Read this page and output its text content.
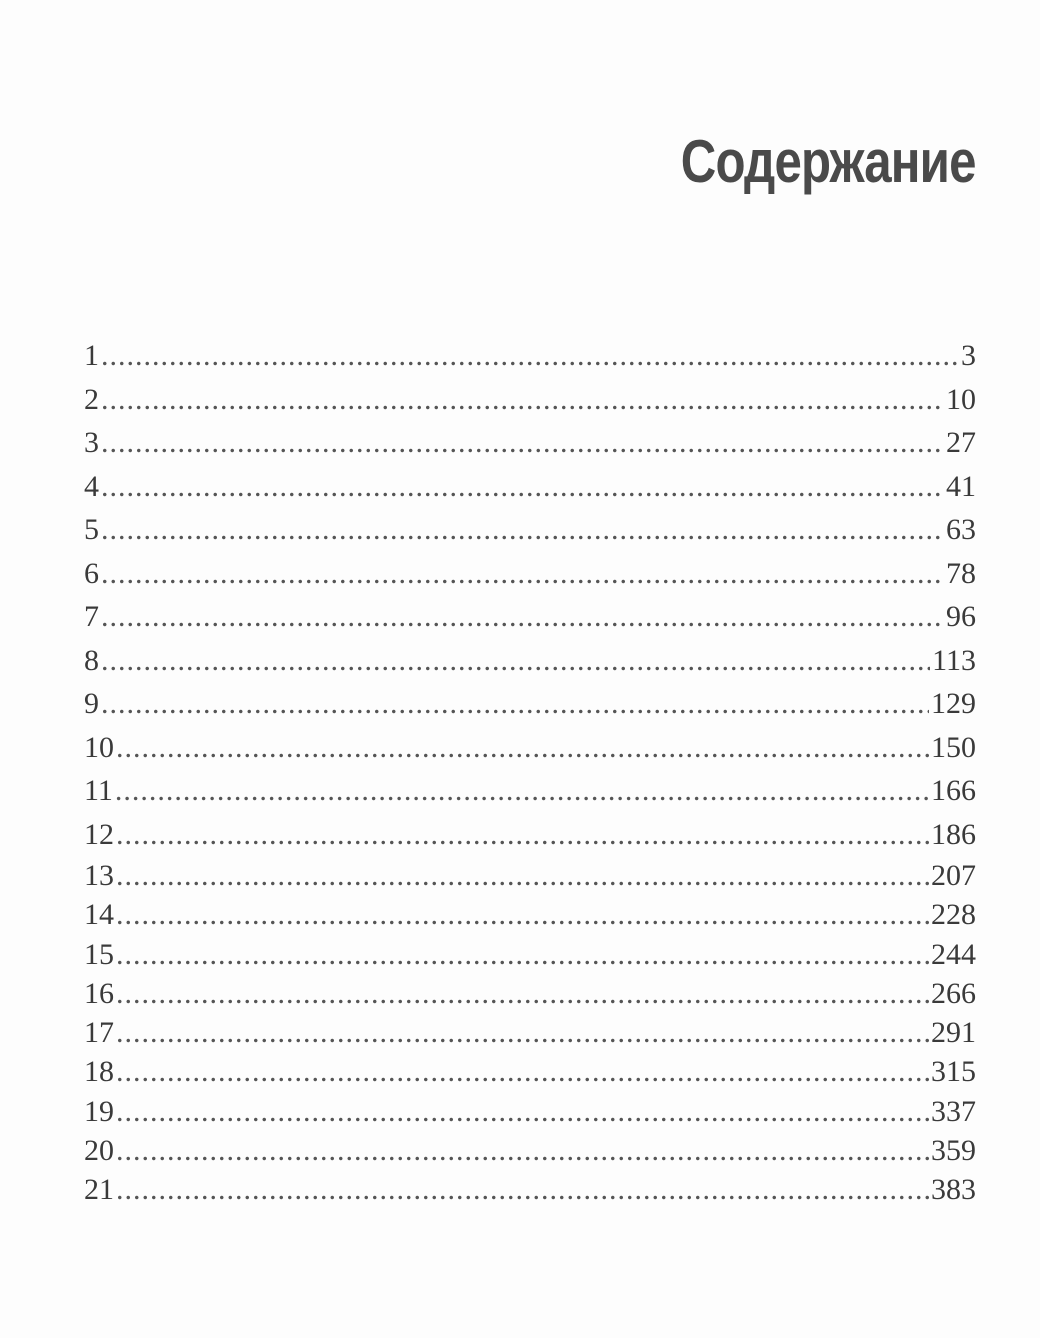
Содержание
1 .....	3
2 .....	10
3 .....	27
4 .....	41
5 .....	63
6 .....	78
7 .....	96
8 .....	113
9 .....	129
10 .....	150
11 .....	166
12 .....	186
13 .....	207
14 .....	228
15 .....	244
16 .....	266
17 .....	291
18 .....	315
19 .....	337
20 .....	359
21 .....	383
